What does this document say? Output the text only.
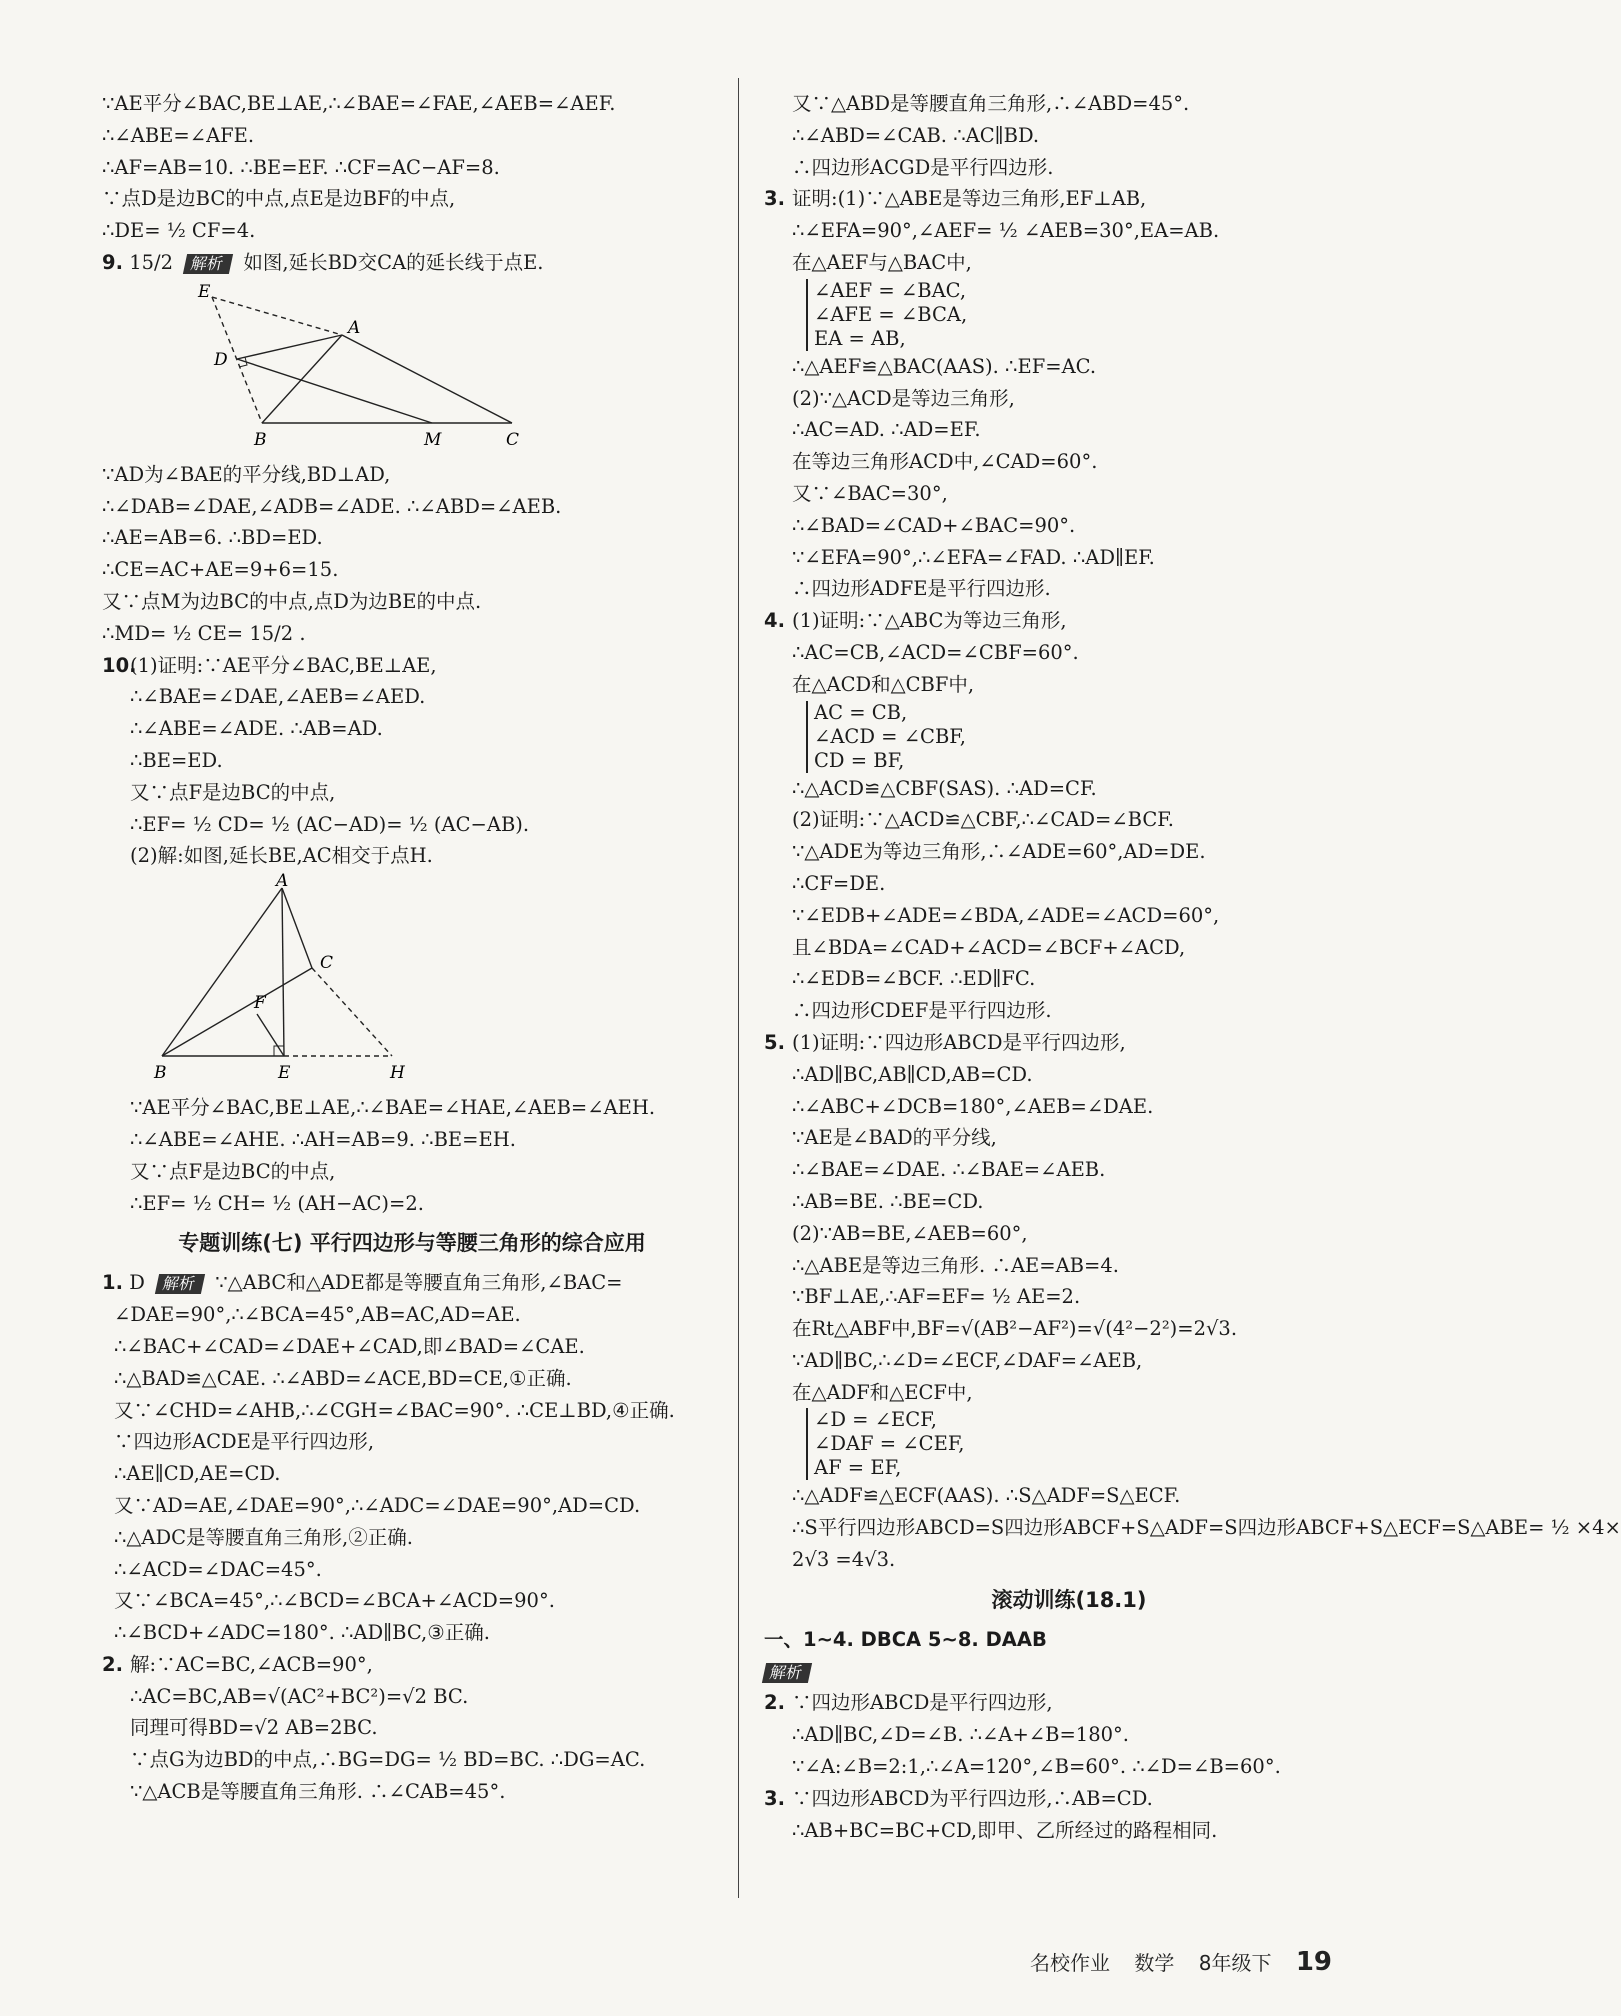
∵AE平分∠BAC,BE⊥AE,∴∠BAE=∠FAE,∠AEB=∠AEF.
∴∠ABE=∠AFE.
∴AF=AB=10. ∴BE=EF. ∴CF=AC−AF=8.
∵点D是边BC的中点,点E是边BF的中点,
∴DE= ½ CF=4.
9. 15/2 解析 如图,延长BD交CA的延长线于点E.
E
A
D
B	M	C
∵AD为∠BAE的平分线,BD⊥AD,
∴∠DAB=∠DAE,∠ADB=∠ADE. ∴∠ABD=∠AEB.
∴AE=AB=6. ∴BD=ED.
∴CE=AC+AE=9+6=15.
又∵点M为边BC的中点,点D为边BE的中点.
∴MD= ½ CE= 15/2 .
10.
(1)证明:∵AE平分∠BAC,BE⊥AE,
∴∠BAE=∠DAE,∠AEB=∠AED.
∴∠ABE=∠ADE. ∴AB=AD.
∴BE=ED.
又∵点F是边BC的中点,
∴EF= ½ CD= ½ (AC−AD)= ½ (AC−AB).
(2)解:如图,延长BE,AC相交于点H.
A
C
F
B	E	H
∵AE平分∠BAC,BE⊥AE,∴∠BAE=∠HAE,∠AEB=∠AEH.
∴∠ABE=∠AHE. ∴AH=AB=9. ∴BE=EH.
又∵点F是边BC的中点,
∴EF= ½ CH= ½ (AH−AC)=2.
专题训练(七) 平行四边形与等腰三角形的综合应用
1. D 解析 ∵△ABC和△ADE都是等腰直角三角形,∠BAC=
∠DAE=90°,∴∠BCA=45°,AB=AC,AD=AE.
∴∠BAC+∠CAD=∠DAE+∠CAD,即∠BAD=∠CAE.
∴△BAD≌△CAE. ∴∠ABD=∠ACE,BD=CE,①正确.
又∵∠CHD=∠AHB,∴∠CGH=∠BAC=90°. ∴CE⊥BD,④正确.
∵四边形ACDE是平行四边形,
∴AE∥CD,AE=CD.
又∵AD=AE,∠DAE=90°,∴∠ADC=∠DAE=90°,AD=CD.
∴△ADC是等腰直角三角形,②正确.
∴∠ACD=∠DAC=45°.
又∵∠BCA=45°,∴∠BCD=∠BCA+∠ACD=90°.
∴∠BCD+∠ADC=180°. ∴AD∥BC,③正确.
2. 解:∵AC=BC,∠ACB=90°,
∴AC=BC,AB=√(AC²+BC²)=√2 BC.
同理可得BD=√2 AB=2BC.
∵点G为边BD的中点,∴BG=DG= ½ BD=BC. ∴DG=AC.
∵△ACB是等腰直角三角形. ∴∠CAB=45°.
又∵△ABD是等腰直角三角形,∴∠ABD=45°.
∴∠ABD=∠CAB. ∴AC∥BD.
∴四边形ACGD是平行四边形.
3. 证明:(1)∵△ABE是等边三角形,EF⊥AB,
∴∠EFA=90°,∠AEF= ½ ∠AEB=30°,EA=AB.
在△AEF与△BAC中,
∠AEF = ∠BAC,
∠AFE = ∠BCA,
EA = AB,
∴△AEF≌△BAC(AAS). ∴EF=AC.
(2)∵△ACD是等边三角形,
∴AC=AD. ∴AD=EF.
在等边三角形ACD中,∠CAD=60°.
又∵∠BAC=30°,
∴∠BAD=∠CAD+∠BAC=90°.
∵∠EFA=90°,∴∠EFA=∠FAD. ∴AD∥EF.
∴四边形ADFE是平行四边形.
4. (1)证明:∵△ABC为等边三角形,
∴AC=CB,∠ACD=∠CBF=60°.
在△ACD和△CBF中,
AC = CB,
∠ACD = ∠CBF,
CD = BF,
∴△ACD≌△CBF(SAS). ∴AD=CF.
(2)证明:∵△ACD≌△CBF,∴∠CAD=∠BCF.
∵△ADE为等边三角形,∴∠ADE=60°,AD=DE.
∴CF=DE.
∵∠EDB+∠ADE=∠BDA,∠ADE=∠ACD=60°,
且∠BDA=∠CAD+∠ACD=∠BCF+∠ACD,
∴∠EDB=∠BCF. ∴ED∥FC.
∴四边形CDEF是平行四边形.
5. (1)证明:∵四边形ABCD是平行四边形,
∴AD∥BC,AB∥CD,AB=CD.
∴∠ABC+∠DCB=180°,∠AEB=∠DAE.
∵AE是∠BAD的平分线,
∴∠BAE=∠DAE. ∴∠BAE=∠AEB.
∴AB=BE. ∴BE=CD.
(2)∵AB=BE,∠AEB=60°,
∴△ABE是等边三角形. ∴AE=AB=4.
∵BF⊥AE,∴AF=EF= ½ AE=2.
在Rt△ABF中,BF=√(AB²−AF²)=√(4²−2²)=2√3.
∵AD∥BC,∴∠D=∠ECF,∠DAF=∠AEB,
在△ADF和△ECF中,
∠D = ∠ECF,
∠DAF = ∠CEF,
AF = EF,
∴△ADF≌△ECF(AAS). ∴S△ADF=S△ECF.
∴S平行四边形ABCD=S四边形ABCF+S△ADF=S四边形ABCF+S△ECF=S△ABE= ½ ×4×
2√3 =4√3.
滚动训练(18.1)
一、1~4. DBCA 5~8. DAAB
解析
2. ∵四边形ABCD是平行四边形,
∴AD∥BC,∠D=∠B. ∴∠A+∠B=180°.
∵∠A:∠B=2:1,∴∠A=120°,∠B=60°. ∴∠D=∠B=60°.
3. ∵四边形ABCD为平行四边形,∴AB=CD.
∴AB+BC=BC+CD,即甲、乙所经过的路程相同.
名校作业 数学 8年级下 19
